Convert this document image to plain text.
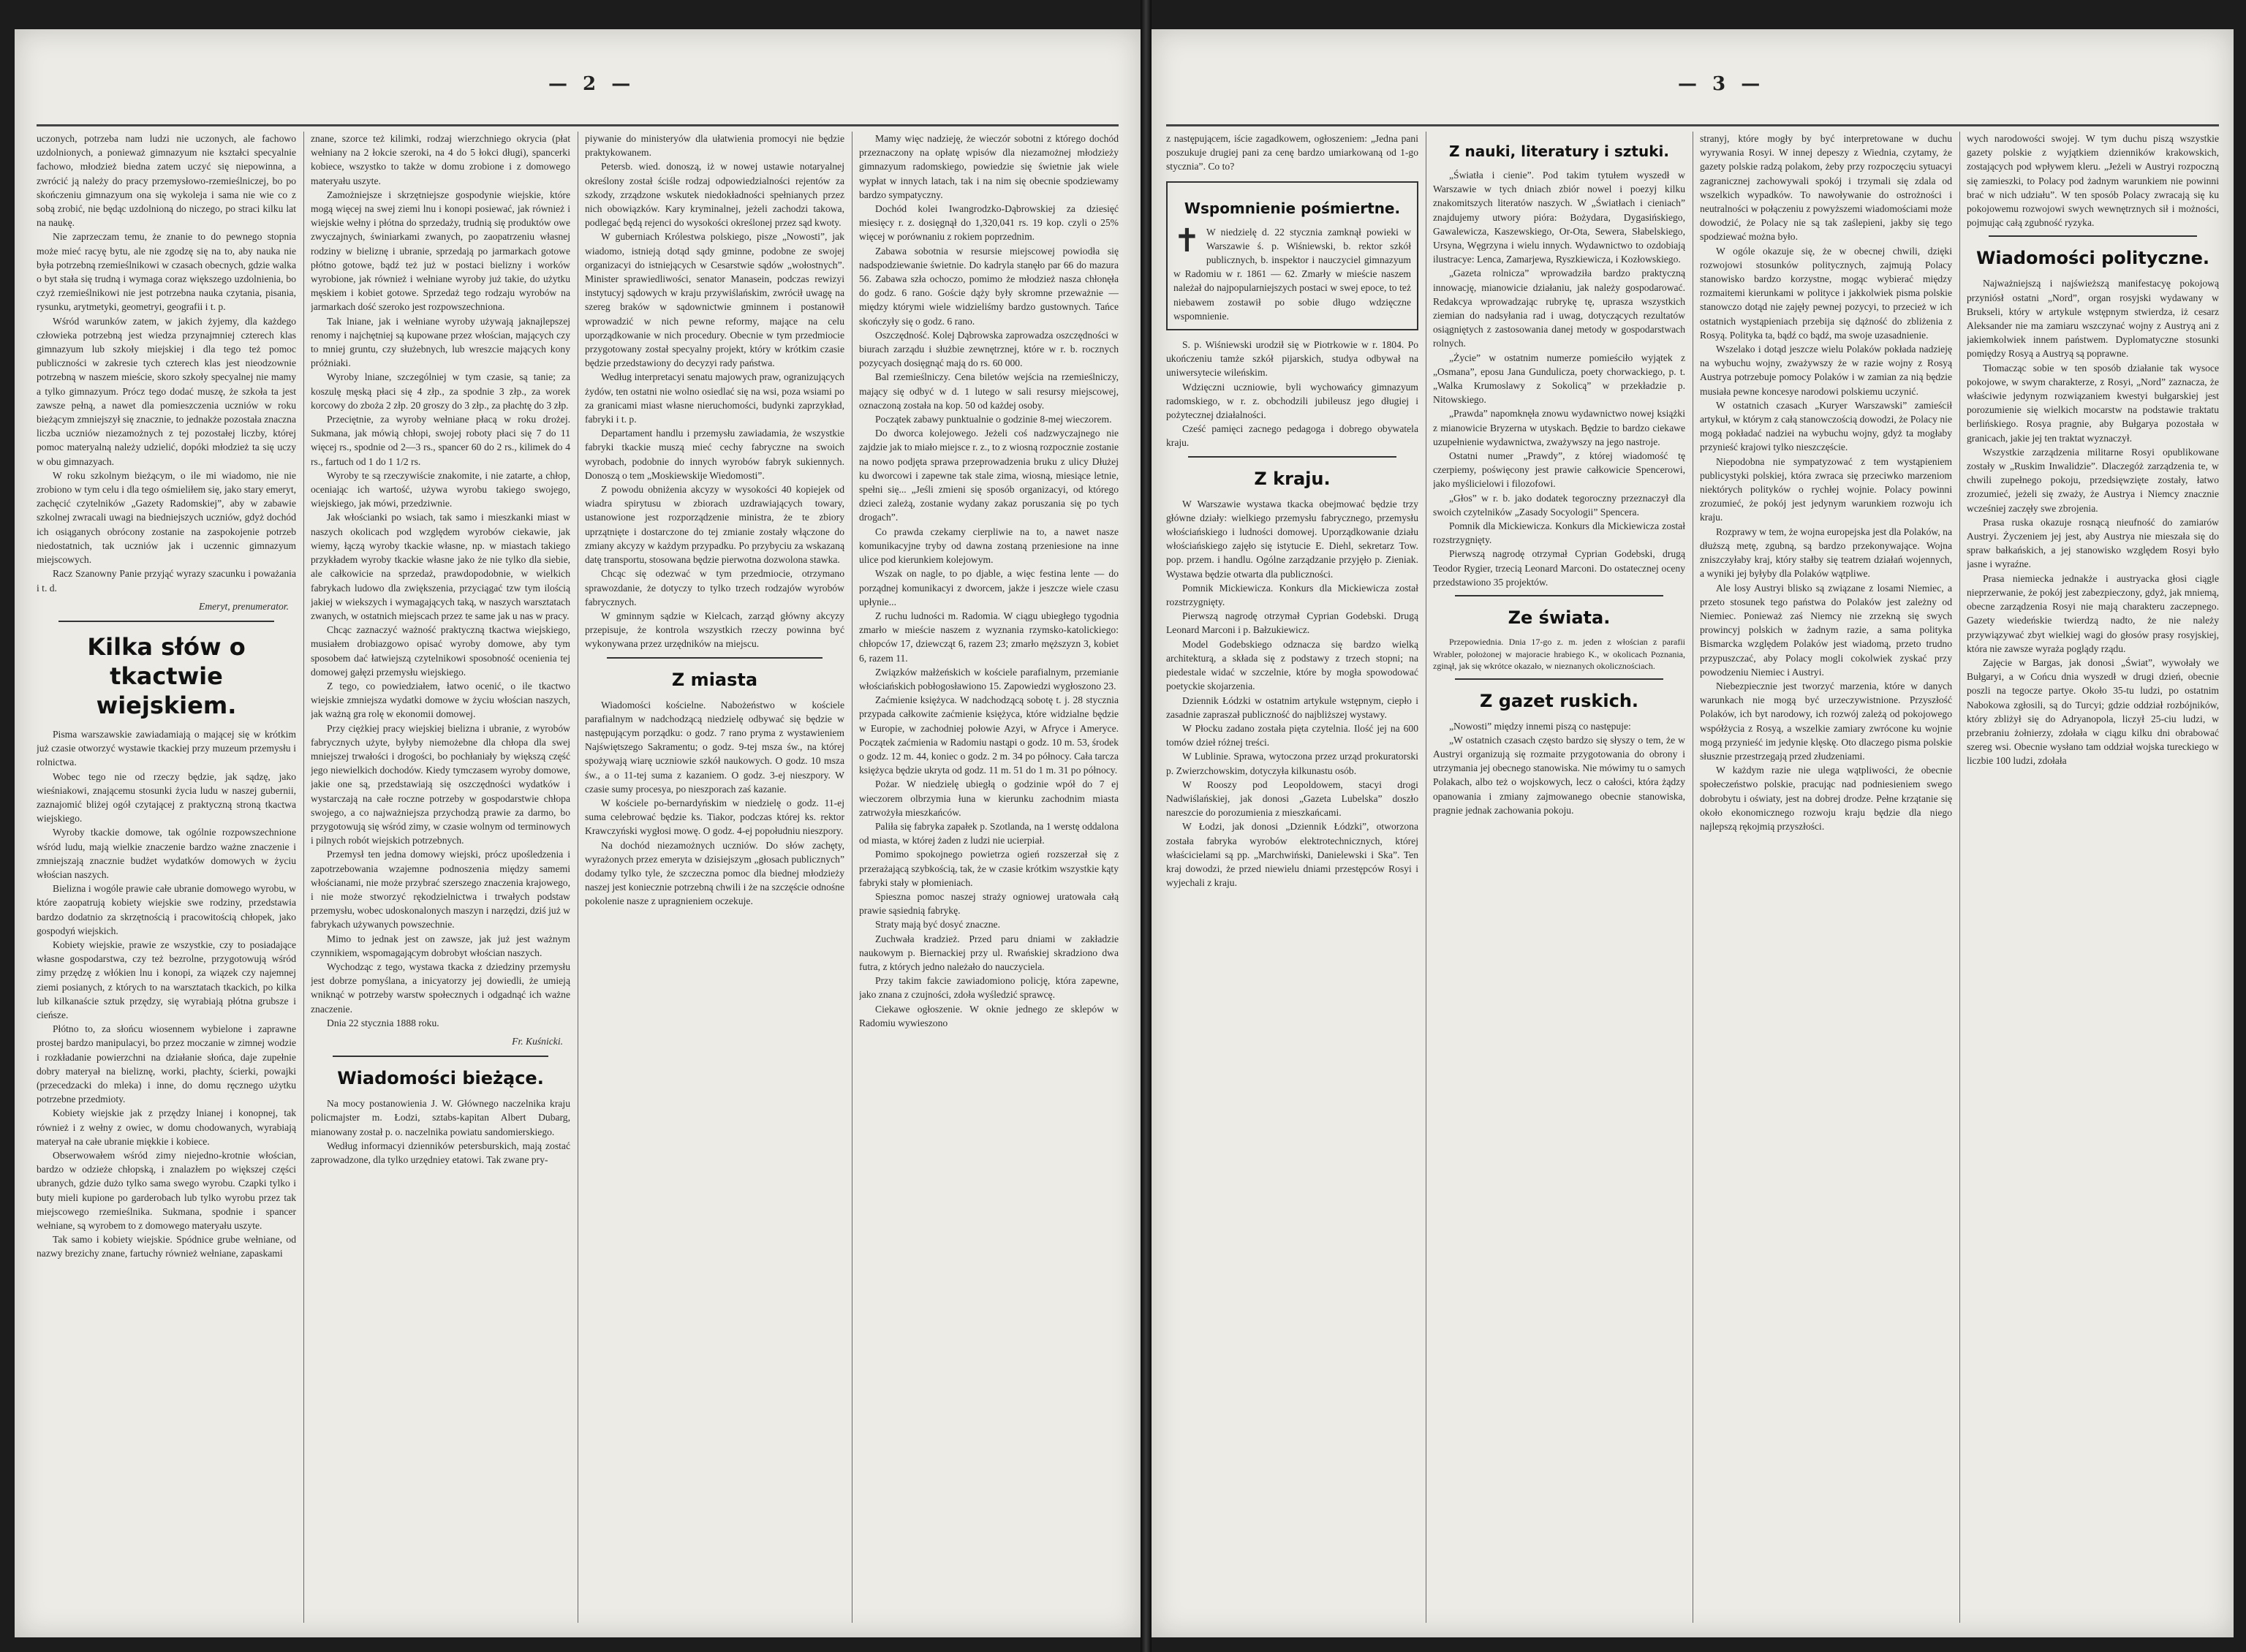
— 2 —

uczonych, potrzeba nam ludzi nie uczonych, ale fachowo uzdolnionych, a ponieważ gimnazyum nie kształci specyalnie fachowo, młodzież biedna zatem uczyć się niepowinna, a zwrócić ją należy do pracy przemysłowo-rzemieślniczej, bo po skończeniu gimnazyum ona się wykoleja i sama nie wie co z sobą zrobić, nie będąc uzdolnioną do niczego, po straci kilku lat na naukę.

Nie zaprzeczam temu, że znanie to do pewnego stopnia może mieć racyę bytu, ale nie zgodzę się na to, aby nauka nie była potrzebną rzemieślnikowi w czasach obecnych, gdzie walka o byt stała się trudną i wymaga coraz większego uzdolnienia, bo czyż rzemieślnikowi nie jest potrzebna nauka czytania, pisania, rysunku, arytmetyki, geometryi, geografii i t. p.

Wśród warunków zatem, w jakich żyjemy, dla każdego człowieka potrzebną jest wiedza przynajmniej czterech klas gimnazyum lub szkoły miejskiej i dla tego też pomoc publiczności w zakresie tych czterech klas jest nieodzownie potrzebną w naszem mieście, skoro szkoły specyalnej nie mamy a tylko gimnazyum. Prócz tego dodać muszę, że szkoła ta jest zawsze pełną, a nawet dla pomieszczenia uczniów w roku bieżącym zmniejszył się znacznie, to jednakże pozostała znaczna liczba uczniów niezamożnych z tej pozostałej liczby, której pomoc materyalną należy udzielić, dopóki młodzież ta się uczy w obu gimnazyach.

W roku szkolnym bieżącym, o ile mi wiadomo, nie nie zrobiono w tym celu i dla tego ośmieliłem się, jako stary emeryt, zachęcić czytelników „Gazety Radomskiej”, aby w zabawie szkolnej zwracali uwagi na biedniejszych uczniów, gdyż dochód ich osiąganych obrócony zostanie na zaspokojenie potrzeb niedostatnich, tak uczniów jak i uczennic gimnazyum miejscowych.

Racz Szanowny Panie przyjąć wyrazy szacunku i poważania i t. d.

Emeryt, prenumerator.
Kilka słów o tkactwie wiejskiem.

Pisma warszawskie zawiadamiają o mającej się w krótkim już czasie otworzyć wystawie tkackiej przy muzeum przemysłu i rolnictwa.

Wobec tego nie od rzeczy będzie, jak sądzę, jako wieśniakowi, znającemu stosunki życia ludu w naszej gubernii, zaznajomić bliżej ogół czytającej z praktyczną stroną tkactwa wiejskiego.

Wyroby tkackie domowe, tak ogólnie rozpowszechnione wśród ludu, mają wielkie znaczenie bardzo ważne znaczenie i zmniejszają znacznie budżet wydatków domowych w życiu włościan naszych.

Bielizna i wogóle prawie całe ubranie domowego wyrobu, w które zaopatrują kobiety wiejskie swe rodziny, przedstawia bardzo dodatnio za skrzętnością i pracowitością chłopek, jako gospodyń wiejskich.

Kobiety wiejskie, prawie ze wszystkie, czy to posiadające własne gospodarstwa, czy też bezrolne, przygotowują wśród zimy przędzę z włókien lnu i konopi, za wiązek czy najemnej ziemi posianych, z których to na warsztatach tkackich, po kilka lub kilkanaście sztuk przędzy, się wyrabiają płótna grubsze i cieńsze.

Płótno to, za słońcu wiosennem wybielone i zaprawne prostej bardzo manipulacyi, bo przez moczanie w zimnej wodzie i rozkładanie powierzchni na działanie słońca, daje zupełnie dobry materyał na bieliznę, worki, płachty, ścierki, powajki (przecedzacki do mleka) i inne, do domu ręcznego użytku potrzebne przedmioty.

Kobiety wiejskie jak z przędzy lnianej i konopnej, tak również i z wełny z owiec, w domu chodowanych, wyrabiają materyał na całe ubranie miękkie i kobiece.

Obserwowałem wśród zimy niejedno-krotnie włościan, bardzo w odzieże chłopską, i znalazłem po większej części ubranych, gdzie dużo tylko sama swego wyrobu. Czapki tylko i buty mieli kupione po garderobach lub tylko wyrobu przez tak miejscowego rzemieślnika. Sukmana, spodnie i spancer wełniane, są wyrobem to z domowego materyału uszyte.

Tak samo i kobiety wiejskie. Spódnice grube wełniane, od nazwy brezichy znane, fartuchy również wełniane, zapaskami

znane, szorce też kilimki, rodzaj wierzchniego okrycia (płat wełniany na 2 łokcie szeroki, na 4 do 5 łokci długi), spancerki kobiece, wszystko to także w domu zrobione i z domowego materyału uszyte.

Zamożniejsze i skrzętniejsze gospodynie wiejskie, które mogą więcej na swej ziemi lnu i konopi posiewać, jak również i wiejskie wełny i płótna do sprzedaży, trudnią się produktów owe zwyczajnych, świniarkami zwanych, po zaopatrzeniu własnej rodziny w bieliznę i ubranie, sprzedają po jarmarkach gotowe płótno gotowe, bądź też już w postaci bielizny i worków wyrobione, jak również i wełniane wyroby już takie, do użytku męskiem i kobiet gotowe. Sprzedaż tego rodzaju wyrobów na jarmarkach dość szeroko jest rozpowszechniona.

Tak lniane, jak i wełniane wyroby używają jaknajlepszej renomy i najchętniej są kupowane przez włościan, mających czy to mniej gruntu, czy służebnych, lub wreszcie mających kony próżniaki.

Wyroby lniane, szczególniej w tym czasie, są tanie; za koszulę męską płaci się 4 złp., za spodnie 3 złp., za worek korcowy do zboża 2 złp. 20 groszy do 3 złp., za płachtę do 3 złp.

Przeciętnie, za wyroby wełniane płacą w roku drożej. Sukmana, jak mówią chłopi, swojej roboty płaci się 7 do 11 więcej rs., spodnie od 2—3 rs., spancer 60 do 2 rs., kilimek do 4 rs., fartuch od 1 do 1 1/2 rs.

Wyroby te są rzeczywiście znakomite, i nie zatarte, a chłop, oceniając ich wartość, używa wyrobu takiego swojego, wiejskiego, jak mówi, przedziwnie.

Jak włościanki po wsiach, tak samo i mieszkanki miast w naszych okolicach pod względem wyrobów ciekawie, jak wiemy, łączą wyroby tkackie własne, np. w miastach takiego przykładem wyroby tkackie własne jako że nie tylko dla siebie, ale całkowicie na sprzedaż, prawdopodobnie, w wielkich fabrykach ludowo dla zwiększenia, przyciągać tzw tym ilością jakiej w wiekszych i wymagających taką, w naszych warsztatach zwanych, w ostatnich miejscach przez te same jak u nas w pracy.

Chcąc zaznaczyć ważność praktyczną tkactwa wiejskiego, musiałem drobiazgowo opisać wyroby domowe, aby tym sposobem dać łatwiejszą czytelnikowi sposobność ocenienia tej domowej gałęzi przemysłu wiejskiego.

Z tego, co powiedziałem, łatwo ocenić, o ile tkactwo wiejskie zmniejsza wydatki domowe w życiu włościan naszych, jak ważną gra rolę w ekonomii domowej.

Przy ciężkiej pracy wiejskiej bielizna i ubranie, z wyrobów fabrycznych użyte, byłyby niemożebne dla chłopa dla swej mniejszej trwałości i drogości, bo pochłaniały by większą część jego niewielkich dochodów. Kiedy tymczasem wyroby domowe, jakie one są, przedstawiają się oszczędności wydatków i wystarczają na całe roczne potrzeby w gospodarstwie chłopa swojego, a co najważniejsza przychodzą prawie za darmo, bo przygotowują się wśród zimy, w czasie wolnym od terminowych i pilnych robót wiejskich potrzebnych.

Przemysł ten jedna domowy wiejski, prócz upośledzenia i zapotrzebowania wzajemne podnoszenia między samemi włościanami, nie może przybrać szerszego znaczenia krajowego, i nie może stworzyć rękodzielnictwa i trwałych podstaw przemysłu, wobec udoskonalonych maszyn i narzędzi, dziś już w fabrykach używanych powszechnie.

Mimo to jednak jest on zawsze, jak już jest ważnym czynnikiem, wspomagającym dobrobyt włościan naszych.

Wychodząc z tego, wystawa tkacka z dziedziny przemysłu jest dobrze pomyślana, a inicyatorzy jej dowiedli, że umieją wniknąć w potrzeby warstw społecznych i odgadnąć ich ważne znaczenie.

Dnia 22 stycznia 1888 roku.

Fr. Kuśnicki.
Wiadomości bieżące.

Na mocy postanowienia J. W. Głównego naczelnika kraju policmajster m. Łodzi, sztabs-kapitan Albert Dubarg, mianowany został p. o. naczelnika powiatu sandomierskiego.

Według informacyi dzienników petersburskich, mają zostać zaprowadzone, dla tylko urzędniey etatowi. Tak zwane pry-

piywanie do ministeryów dla ułatwienia promocyi nie będzie praktykowanem.

Petersb. wied. donoszą, iż w nowej ustawie notaryalnej określony został ściśle rodzaj odpowiedzialności rejentów za szkody, zrządzone wskutek niedokładności spełnianych przez nich obowiązków. Kary kryminalnej, jeżeli zachodzi takowa, podlegać będą rejenci do wysokości określonej przez sąd kwoty.

W guberniach Królestwa polskiego, pisze „Nowosti”, jak wiadomo, istnieją dotąd sądy gminne, podobne ze swojej organizacyi do istniejących w Cesarstwie sądów „wołostnych”. Minister sprawiedliwości, senator Manasein, podczas rewizyi instytucyj sądowych w kraju przywiślańskim, zwrócił uwagę na szereg braków w sądownictwie gminnem i postanowił wprowadzić w nich pewne reformy, mające na celu uporządkowanie w nich procedury. Obecnie w tym przedmiocie przygotowany został specyalny projekt, który w krótkim czasie będzie przedstawiony do decyzyi rady państwa.

Według interpretacyi senatu majowych praw, ogranizujących żydów, ten ostatni nie wolno osiedlać się na wsi, poza wsiami po za granicami miast własne nieruchomości, budynki zaprzykład, fabryki i t. p.

Departament handlu i przemysłu zawiadamia, że wszystkie fabryki tkackie muszą mieć cechy fabryczne na swoich wyrobach, podobnie do innych wyrobów fabryk sukiennych. Donoszą o tem „Moskiewskije Wiedomosti”.

Z powodu obniżenia akcyzy w wysokości 40 kopiejek od wiadra spirytusu w zbiorach uzdrawiających towary, ustanowione jest rozporządzenie ministra, że te zbiory uprzątnięte i dostarczone do tej zmianie zostały włączone do zmiany akcyzy w każdym przypadku. Po przybyciu za wskazaną datę transportu, stosowana będzie pierwotna dozwolona stawka.

Chcąc się odezwać w tym przedmiocie, otrzymano sprawozdanie, że dotyczy to tylko trzech rodzajów wyrobów fabrycznych.

W gminnym sądzie w Kielcach, zarząd główny akcyzy przepisuje, że kontrola wszystkich rzeczy powinna być wykonywana przez urzędników na miejscu.

Z miasta

Wiadomości kościelne. Nabożeństwo w kościele parafialnym w nadchodzącą niedzielę odbywać się będzie w następującym porządku: o godz. 7 rano pryma z wystawieniem Najświętszego Sakramentu; o godz. 9-tej msza św., na której spożywają wiarę uczniowie szkół naukowych. O godz. 10 msza św., a o 11-tej suma z kazaniem. O godz. 3-ej nieszpory. W czasie sumy procesya, po nieszporach zaś kazanie.

W kościele po-bernardyńskim w niedzielę o godz. 11-ej suma celebrować będzie ks. Tiakor, podczas której ks. rektor Krawczyński wygłosi mowę. O godz. 4-ej popołudniu nieszpory.

Na dochód niezamożnych uczniów. Do słów zachęty, wyrażonych przez emeryta w dzisiejszym „głosach publicznych” dodamy tylko tyle, że szczeczna pomoc dla biednej młodzieży naszej jest koniecznie potrzebną chwili i że na szczęście odnośne pokolenie nasze z upragnieniem oczekuje.

Mamy więc nadzieję, że wieczór sobotni z którego dochód przeznaczony na opłatę wpisów dla niezamożnej młodzieży gimnazyum radomskiego, powiedzie się świetnie jak wiele wypłat w innych latach, tak i na nim się obecnie spodziewamy bardzo sympatyczny.

Dochód kolei Iwangrodzko-Dąbrowskiej za dziesięć miesięcy r. z. dosięgnął do 1,320,041 rs. 19 kop. czyli o 25% więcej w porównaniu z rokiem poprzednim.

Zabawa sobotnia w resursie miejscowej powiodła się nadspodziewanie świetnie. Do kadryla stanęło par 66 do mazura 56. Zabawa szła ochoczo, pomimo że młodzież nasza chłonęła do godz. 6 rano. Goście dąży były skromne przeważnie — między którymi wiele widzieliśmy bardzo gustownych. Tańce skończyły się o godz. 6 rano.

Oszczędność. Kolej Dąbrowska zaprowadza oszczędności w biurach zarządu i służbie zewnętrznej, które w r. b. rocznych pozycyach dosięgnąć mają do rs. 60 000.

Bal rzemieślniczy. Cena biletów wejścia na rzemieślniczy, mający się odbyć w d. 1 lutego w sali resursy miejscowej, oznaczoną została na kop. 50 od każdej osoby.

Początek zabawy punktualnie o godzinie 8-mej wieczorem.

Do dworca kolejowego. Jeżeli coś nadzwyczajnego nie zajdzie jak to miało miejsce r. z., to z wiosną rozpocznie zostanie na nowo podjęta sprawa przeprowadzenia bruku z ulicy Dłużej ku dworcowi i zapewne tak stale zima, wiosną, miesiące letnie, spełni się... „Jeśli zmieni się sposób organizacyi, od którego dzieci zależą, zostanie wydany zakaz poruszania się po tych drogach”.

Co prawda czekamy cierpliwie na to, a nawet nasze komunikacyjne tryby od dawna zostaną przeniesione na inne ulice pod kierunkiem kolejowym.

Wszak on nagle, to po djable, a więc festina lente — do porządnej komunikacyi z dworcem, jakże i jeszcze wiele czasu upłynie...

Z ruchu ludności m. Radomia. W ciągu ubiegłego tygodnia zmarło w mieście naszem z wyznania rzymsko-katolickiego: chłopców 17, dziewcząt 6, razem 23; zmarło męższyzn 3, kobiet 6, razem 11.

Związków małżeńskich w kościele parafialnym, przemianie włościańskich pobłogosławiono 15. Zapowiedzi wygłoszono 23.

Zaćmienie księżyca. W nadchodzącą sobotę t. j. 28 stycznia przypada całkowite zaćmienie księżyca, które widzialne będzie w Europie, w zachodniej połowie Azyi, w Afryce i Ameryce. Początek zaćmienia w Radomiu nastąpi o godz. 10 m. 53, środek o godz. 12 m. 44, koniec o godz. 2 m. 34 po północy. Cała tarcza księżyca będzie ukryta od godz. 11 m. 51 do 1 m. 31 po północy.

Pożar. W niedzielę ubiegłą o godzinie wpół do 7 ej wieczorem olbrzymia łuna w kierunku zachodnim miasta zatrwożyła mieszkańców.

Paliła się fabryka zapałek p. Szotlanda, na 1 werstę oddalona od miasta, w której żaden z ludzi nie ucierpiał.

Pomimo spokojnego powietrza ogień rozszerzał się z przerażającą szybkością, tak, że w czasie krótkim wszystkie kąty fabryki stały w płomieniach.

Spieszna pomoc naszej straży ogniowej uratowała całą prawie sąsiednią fabrykę.

Straty mają być dosyć znaczne.

Zuchwała kradzież. Przed paru dniami w zakładzie naukowym p. Biernackiej przy ul. Rwańskiej skradziono dwa futra, z których jedno należało do nauczyciela.

Przy takim fakcie zawiadomiono policję, która zapewne, jako znana z czujności, zdoła wyśledzić sprawcę.

Ciekawe ogłoszenie. W oknie jednego ze sklepów w Radomiu wywieszono

— 3 —

z następującem, iście zagadkowem, ogłoszeniem: „Jedna pani poszukuje drugiej pani za cenę bardzo umiarkowaną od 1-go stycznia”. Co to?

Wspomnienie pośmiertne.
✝ W niedzielę d. 22 stycznia zamknął powieki w Warszawie ś. p. Wiśniewski, b. rektor szkół publicznych, b. inspektor i nauczyciel gimnazyum w Radomiu w r. 1861 — 62. Zmarły w mieście naszem należał do najpopularniejszych postaci w swej epoce, to też niebawem zostawił po sobie długo wdzięczne wspomnienie.

S. p. Wiśniewski urodził się w Piotrkowie w r. 1804. Po ukończeniu tamże szkół pijarskich, studya odbywał na uniwersytecie wileńskim.

Wdzięczni uczniowie, byli wychowańcy gimnazyum radomskiego, w r. z. obchodzili jubileusz jego długiej i pożytecznej działalności.

Cześć pamięci zacnego pedagoga i dobrego obywatela kraju.

Z kraju.

W Warszawie wystawa tkacka obejmować będzie trzy główne działy: wielkiego przemysłu fabrycznego, przemysłu włościańskiego i ludności domowej. Uporządkowanie działu włościańskiego zajęło się istytucie E. Diehl, sekretarz Tow. pop. przem. i handlu. Ogólne zarządzanie przyjęło p. Zieniak. Wystawa będzie otwarta dla publiczności.

Pomnik Mickiewicza. Konkurs dla Mickiewicza został rozstrzygnięty.

Pierwszą nagrodę otrzymał Cyprian Godebski. Drugą Leonard Marconi i p. Bałzukiewicz.

Model Godebskiego odznacza się bardzo wielką architekturą, a składa się z podstawy z trzech stopni; na piedestale widać w szczelnie, które by mogła spowodować poetyckie skojarzenia.

Dziennik Łódzki w ostatnim artykule wstępnym, ciepło i zasadnie zapraszał publiczność do najbliższej wystawy.

W Płocku zadano została pięta czytelnia. Ilość jej na 600 tomów dzieł różnej treści.

W Lublinie. Sprawa, wytoczona przez urząd prokuratorski p. Zwierzchowskim, dotyczyła kilkunastu osób.

W Rooszy pod Leopoldowem, stacyi drogi Nadwiślańskiej, jak donosi „Gazeta Lubelska” doszło nareszcie do porozumienia z mieszkańcami.

W Łodzi, jak donosi „Dziennik Łódzki”, otworzona została fabryka wyrobów elektrotechnicznych, której właścicielami są pp. „Marchwiński, Danielewski i Ska”. Ten kraj dowodzi, że przed niewielu dniami przestępców Rosyi i wyjechali z kraju.

Z nauki, literatury i sztuki.

„Światła i cienie”. Pod takim tytułem wyszedł w Warszawie w tych dniach zbiór nowel i poezyj kilku znakomitszych literatów naszych. W „Światłach i cieniach” znajdujemy utwory pióra: Bożydara, Dygasińskiego, Gawalewicza, Kaszewskiego, Or-Ota, Sewera, Słabelskiego, Ursyna, Węgrzyna i wielu innych. Wydawnictwo to ozdobiają ilustracye: Lenca, Zamarjewa, Ryszkiewicza, i Kozłowskiego.

„Gazeta rolnicza” wprowadziła bardzo praktyczną innowację, mianowicie działaniu, jak należy gospodarować. Redakcya wprowadzając rubrykę tę, uprasza wszystkich ziemian do nadsyłania rad i uwag, dotyczących rezultatów osiągniętych z zastosowania danej metody w gospodarstwach rolnych.

„Życie” w ostatnim numerze pomieściło wyjątek z „Osmana”, eposu Jana Gundulicza, poety chorwackiego, p. t. „Walka Krumoslawy z Sokolicą” w przekładzie p. Nitowskiego.

„Prawda” napomknęła znowu wydawnictwo nowej książki z mianowicie Bryzerna w utyskach. Będzie to bardzo ciekawe uzupełnienie wydawnictwa, zważywszy na jego nastroje.

Ostatni numer „Prawdy”, z której wiadomość tę czerpiemy, poświęcony jest prawie całkowicie Spencerowi, jako myślicielowi i filozofowi.

„Głos” w r. b. jako dodatek tegoroczny przeznaczył dla swoich czytelników „Zasady Socyologii” Spencera.

Pomnik dla Mickiewicza. Konkurs dla Mickiewicza został rozstrzygnięty.

Pierwszą nagrodę otrzymał Cyprian Godebski, drugą Teodor Rygier, trzecią Leonard Marconi. Do ostatecznej oceny przedstawiono 35 projektów.

Ze świata.

Przepowiednia. Dnia 17-go z. m. jeden z włościan z parafii Wrabler, położonej w majoracie hrabiego K., w okolicach Poznania, zginął, jak się wkrótce okazało, w nieznanych okolicznościach.

Z gazet ruskich.

„Nowosti” między innemi piszą co następuje:

„W ostatnich czasach często bardzo się słyszy o tem, że w Austryi organizują się rozmaite przygotowania do obrony i utrzymania jej obecnego stanowiska. Nie mówimy tu o samych Polakach, albo też o wojskowych, lecz o całości, która żądzy opanowania i zmiany zajmowanego obecnie stanowiska, pragnie jednak zachowania pokoju.

stranyj, które mogły by być interpretowane w duchu wyrywania Rosyi. W innej depeszy z Wiednia, czytamy, że gazety polskie radzą polakom, żeby przy rozpoczęciu sytuacyi zagranicznej zachowywali spokój i trzymali się zdala od wszelkich wypadków. To nawoływanie do ostrożności i neutralności w połączeniu z powyższemi wiadomościami może dowodzić, że Polacy nie są tak zaślepieni, jakby się tego spodziewać można było.

W ogóle okazuje się, że w obecnej chwili, dzięki rozwojowi stosunków politycznych, zajmują Polacy stanowisko bardzo korzystne, mogąc wybierać między rozmaitemi kierunkami w polityce i jakkolwiek pisma polskie stanowczo dotąd nie zajęły pewnej pozycyi, to przecież w ich ostatnich wystąpieniach przebija się dążność do zbliżenia z Rosyą. Polityka ta, bądź co bądź, ma swoje uzasadnienie.

Wszelako i dotąd jeszcze wielu Polaków pokłada nadzieję na wybuchu wojny, zważywszy że w razie wojny z Rosyą Austrya potrzebuje pomocy Polaków i w zamian za nią będzie musiała pewne koncesye narodowi polskiemu uczynić.

W ostatnich czasach „Kuryer Warszawski” zamieścił artykuł, w którym z całą stanowczością dowodzi, że Polacy nie mogą pokładać nadziei na wybuchu wojny, gdyż ta mogłaby przynieść krajowi tylko nieszczęście.

Niepodobna nie sympatyzować z tem wystąpieniem publicystyki polskiej, która zwraca się przeciwko marzeniom niektórych polityków o rychłej wojnie. Polacy powinni zrozumieć, że pokój jest jedynym warunkiem rozwoju ich kraju.

Rozprawy w tem, że wojna europejska jest dla Polaków, na dłuższą metę, zgubną, są bardzo przekonywające. Wojna zniszczyłaby kraj, który stałby się teatrem działań wojennych, a wyniki jej byłyby dla Polaków wątpliwe.

Ale losy Austryi blisko są związane z losami Niemiec, a przeto stosunek tego państwa do Polaków jest zależny od Niemiec. Ponieważ zaś Niemcy nie zrzekną się swych prowincyj polskich w żadnym razie, a sama polityka Bismarcka względem Polaków jest wiadomą, przeto trudno przypuszczać, aby Polacy mogli cokolwiek zyskać przy powodzeniu Niemiec i Austryi.

Niebezpiecznie jest tworzyć marzenia, które w danych warunkach nie mogą być urzeczywistnione. Przyszłość Polaków, ich byt narodowy, ich rozwój zależą od pokojowego współżycia z Rosyą, a wszelkie zamiary zwrócone ku wojnie mogą przynieść im jedynie klęskę. Oto dlaczego pisma polskie słusznie przestrzegają przed złudzeniami.

W każdym razie nie ulega wątpliwości, że obecnie społeczeństwo polskie, pracując nad podniesieniem swego dobrobytu i oświaty, jest na dobrej drodze. Pełne krzątanie się około ekonomicznego rozwoju kraju będzie dla niego najlepszą rękojmią przyszłości.

wych narodowości swojej. W tym duchu piszą wszystkie gazety polskie z wyjątkiem dzienników krakowskich, zostających pod wpływem kleru. „Jeżeli w Austryi rozpoczną się zamieszki, to Polacy pod żadnym warunkiem nie powinni brać w nich udziału”. W ten sposób Polacy zwracają się ku pokojowemu rozwojowi swych wewnętrznych sił i możności, pojmując całą zgubność ryzyka.

Wiadomości polityczne.

Najważniejszą i najświeższą manifestacyę pokojową przyniósł ostatni „Nord”, organ rosyjski wydawany w Brukseli, który w artykule wstępnym stwierdza, iż cesarz Aleksander nie ma zamiaru wszczynać wojny z Austryą ani z jakiemkolwiek innem państwem. Dyplomatyczne stosunki pomiędzy Rosyą a Austryą są poprawne.

Tłomacząc sobie w ten sposób działanie tak wysoce pokojowe, w swym charakterze, z Rosyi, „Nord” zaznacza, że właściwie jedynym rozwiązaniem kwestyi bułgarskiej jest porozumienie się wielkich mocarstw na podstawie traktatu berlińskiego. Rosya pragnie, aby Bułgarya pozostała w granicach, jakie jej ten traktat wyznaczył.

Wszystkie zarządzenia militarne Rosyi opublikowane zostały w „Ruskim Inwalidzie”. Dlaczegóż zarządzenia te, w chwili zupełnego pokoju, przedsięwzięte zostały, łatwo zrozumieć, jeżeli się zważy, że Austrya i Niemcy znacznie wcześniej zaczęły swe zbrojenia.

Prasa ruska okazuje rosnącą nieufność do zamiarów Austryi. Życzeniem jej jest, aby Austrya nie mieszała się do spraw bałkańskich, a jej stanowisko względem Rosyi było jasne i wyraźne.

Prasa niemiecka jednakże i austryacka głosi ciągle nieprzerwanie, że pokój jest zabezpieczony, gdyż, jak mniemą, obecne zarządzenia Rosyi nie mają charakteru zaczepnego. Gazety wiedeńskie twierdzą nadto, że nie należy przywiązywać zbyt wielkiej wagi do głosów prasy rosyjskiej, która nie zawsze wyraża poglądy rządu.

Zajęcie w Bargas, jak donosi „Świat”, wywołały we Bułgaryi, a w Cońcu dnia wyszedł w drugi dzień, obecnie poszli na tegocze partye. Około 35-tu ludzi, po ostatnim Nabokowa zgłosili, są do Turcyi; gdzie oddział rozbójników, który zbliżył się do Adryanopola, liczył 25-ciu ludzi, w przebraniu żołnierzy, zdołała w ciągu kilku dni obrabować szereg wsi. Obecnie wysłano tam oddział wojska tureckiego w liczbie 100 ludzi, zdołała
